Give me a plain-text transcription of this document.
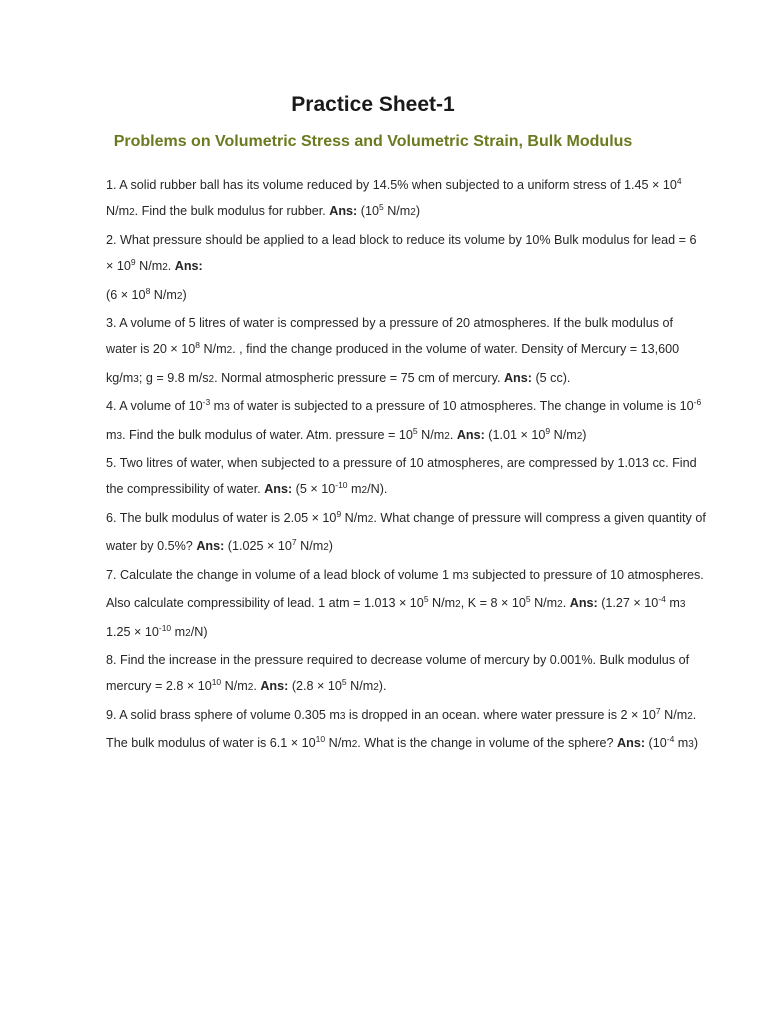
Practice Sheet-1
Problems on Volumetric Stress and Volumetric Strain, Bulk Modulus
1. A solid rubber ball has its volume reduced by 14.5% when subjected to a uniform stress of $1.45 \times 10^4$ N/m2. Find the bulk modulus for rubber. Ans: ($10^5$ N/m2)
2. What pressure should be applied to a lead block to reduce its volume by 10% Bulk modulus for lead = $6 \times 10^9$ N/m2. Ans:
($6 \times 10^8$ N/m2)
3. A volume of 5 litres of water is compressed by a pressure of 20 atmospheres. If the bulk modulus of water is $20 \times 10^8$ N/m2. , find the change produced in the volume of water. Density of Mercury = 13,600 kg/m3; g = 9.8 m/s2. Normal atmospheric pressure = 75 cm of mercury. Ans: (5 cc).
4. A volume of $10^{-3}$ m3 of water is subjected to a pressure of 10 atmospheres. The change in volume is $10^{-6}$ m3. Find the bulk modulus of water. Atm. pressure = $10^5$ N/m2. Ans: ($1.01 \times 10^9$ N/m2)
5. Two litres of water, when subjected to a pressure of 10 atmospheres, are compressed by 1.013 cc. Find the compressibility of water. Ans: ($5 \times 10^{-10}$ m2/N).
6. The bulk modulus of water is $2.05 \times 10^9$ N/m2. What change of pressure will compress a given quantity of water by 0.5%? Ans: ($1.025 \times 10^7$ N/m2)
7. Calculate the change in volume of a lead block of volume 1 m3 subjected to pressure of 10 atmospheres. Also calculate compressibility of lead. 1 atm = $1.013 \times 10^5$ N/m2, $K = 8 \times 10^5$ N/m2. Ans: ($1.27 \times 10^{-4}$ m3 $1.25 \times 10^{-10}$ m2/N)
8. Find the increase in the pressure required to decrease volume of mercury by 0.001%. Bulk modulus of mercury = $2.8 \times 10^{10}$ N/m2. Ans: ($2.8 \times 10^5$ N/m2).
9. A solid brass sphere of volume 0.305 m3 is dropped in an ocean. where water pressure is $2 \times 10^7$ N/m2. The bulk modulus of water is $6.1 \times 10^{10}$ N/m2. What is the change in volume of the sphere? Ans: ($10^{-4}$ m3)
